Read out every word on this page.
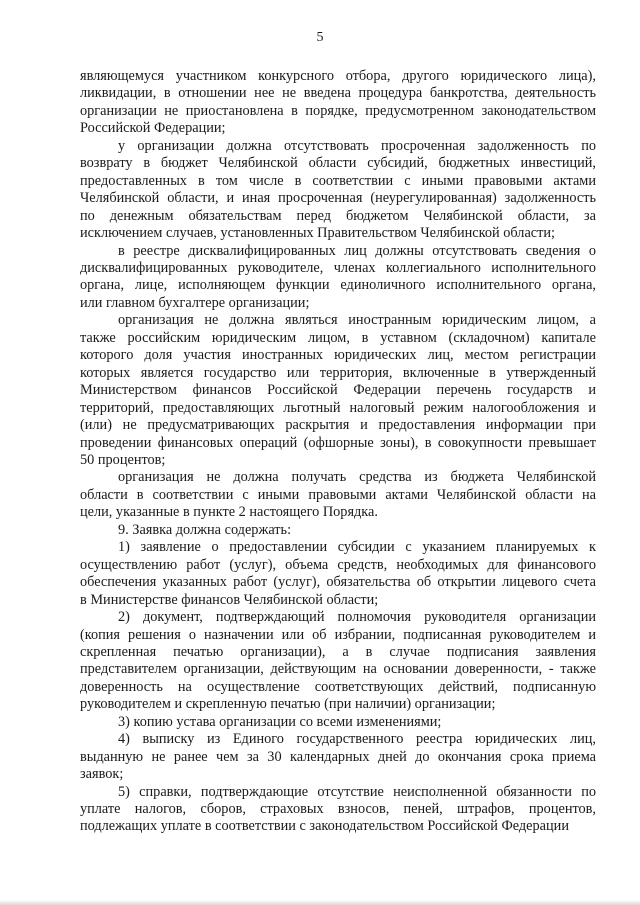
5
являющемуся участником конкурсного отбора, другого юридического лица),
ликвидации, в отношении нее не введена процедура банкротства, деятельность
организации не приостановлена в порядке, предусмотренном законодательством
Российской Федерации;
у организации должна отсутствовать просроченная задолженность по
возврату в бюджет Челябинской области субсидий, бюджетных инвестиций,
предоставленных в том числе в соответствии с иными правовыми актами
Челябинской области, и иная просроченная (неурегулированная) задолженность
по денежным обязательствам перед бюджетом Челябинской области, за
исключением случаев, установленных Правительством Челябинской области;
в реестре дисквалифицированных лиц должны отсутствовать сведения о
дисквалифицированных руководителе, членах коллегиального исполнительного
органа, лице, исполняющем функции единоличного исполнительного органа,
или главном бухгалтере организации;
организация не должна являться иностранным юридическим лицом, а
также российским юридическим лицом, в уставном (складочном) капитале
которого доля участия иностранных юридических лиц, местом регистрации
которых является государство или территория, включенные в утвержденный
Министерством финансов Российской Федерации перечень государств и
территорий, предоставляющих льготный налоговый режим налогообложения и
(или) не предусматривающих раскрытия и предоставления информации при
проведении финансовых операций (офшорные зоны), в совокупности превышает
50 процентов;
организация не должна получать средства из бюджета Челябинской
области в соответствии с иными правовыми актами Челябинской области на
цели, указанные в пункте 2 настоящего Порядка.
9. Заявка должна содержать:
1) заявление о предоставлении субсидии с указанием планируемых к
осуществлению работ (услуг), объема средств, необходимых для финансового
обеспечения указанных работ (услуг), обязательства об открытии лицевого счета
в Министерстве финансов Челябинской области;
2) документ, подтверждающий полномочия руководителя организации
(копия решения о назначении или об избрании, подписанная руководителем и
скрепленная печатью организации), а в случае подписания заявления
представителем организации, действующим на основании доверенности, - также
доверенность на осуществление соответствующих действий, подписанную
руководителем и скрепленную печатью (при наличии) организации;
3) копию устава организации со всеми изменениями;
4) выписку из Единого государственного реестра юридических лиц,
выданную не ранее чем за 30 календарных дней до окончания срока приема
заявок;
5) справки, подтверждающие отсутствие неисполненной обязанности по
уплате налогов, сборов, страховых взносов, пеней, штрафов, процентов,
подлежащих уплате в соответствии с законодательством Российской Федерации
